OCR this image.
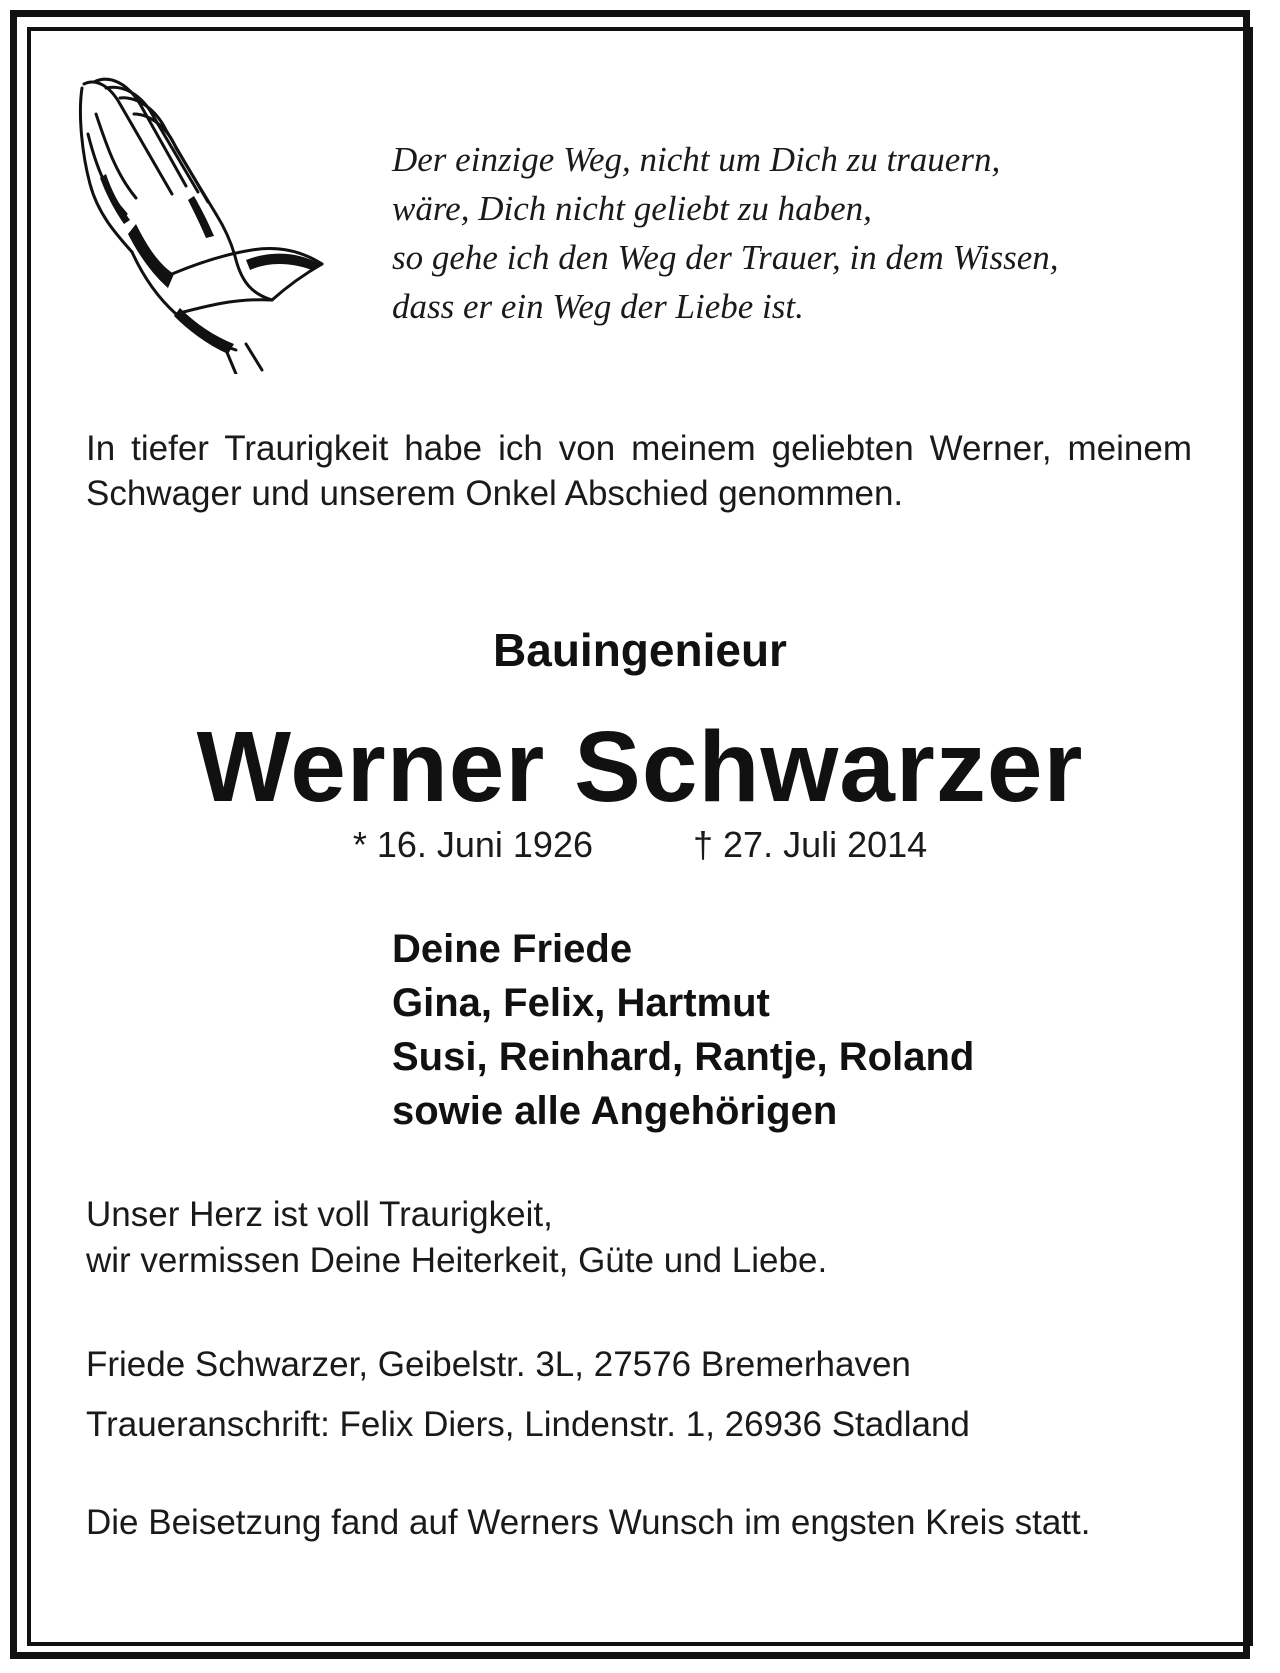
Der einzige Weg, nicht um Dich zu trauern,
wäre, Dich nicht geliebt zu haben,
so gehe ich den Weg der Trauer, in dem Wissen,
dass er ein Weg der Liebe ist.

In tiefer Traurigkeit habe ich von meinem geliebten Werner, meinem Schwager und unserem Onkel Abschied genommen.

Bauingenieur

Werner Schwarzer

* 16. Juni 1926	† 27. Juli 2014

Deine Friede
Gina, Felix, Hartmut
Susi, Reinhard, Rantje, Roland
sowie alle Angehörigen
Unser Herz ist voll Traurigkeit,
wir vermissen Deine Heiterkeit, Güte und Liebe.
Friede Schwarzer, Geibelstr. 3L, 27576 Bremerhaven
Traueranschrift: Felix Diers, Lindenstr. 1, 26936 Stadland

Die Beisetzung fand auf Werners Wunsch im engsten Kreis statt.
